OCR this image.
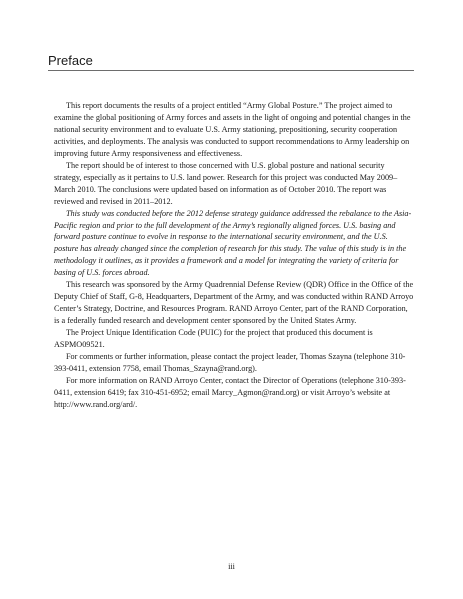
Preface

This report documents the results of a project entitled “Army Global Posture.” The project aimed to examine the global positioning of Army forces and assets in the light of ongoing and potential changes in the national security environment and to evaluate U.S. Army stationing, prepositioning, security cooperation activities, and deployments. The analysis was conducted to support recommendations to Army leadership on improving future Army responsiveness and effectiveness.

The report should be of interest to those concerned with U.S. global posture and national security strategy, especially as it pertains to U.S. land power. Research for this project was conducted May 2009–March 2010. The conclusions were updated based on information as of October 2010. The report was reviewed and revised in 2011–2012.

This study was conducted before the 2012 defense strategy guidance addressed the rebalance to the Asia-Pacific region and prior to the full development of the Army’s regionally aligned forces. U.S. basing and forward posture continue to evolve in response to the international security environment, and the U.S. posture has already changed since the completion of research for this study. The value of this study is in the methodology it outlines, as it provides a framework and a model for integrating the variety of criteria for basing of U.S. forces abroad.

This research was sponsored by the Army Quadrennial Defense Review (QDR) Office in the Office of the Deputy Chief of Staff, G-8, Headquarters, Department of the Army, and was conducted within RAND Arroyo Center’s Strategy, Doctrine, and Resources Program. RAND Arroyo Center, part of the RAND Corporation, is a federally funded research and development center sponsored by the United States Army.

The Project Unique Identification Code (PUIC) for the project that produced this document is ASPMO09521.

For comments or further information, please contact the project leader, Thomas Szayna (telephone 310-393-0411, extension 7758, email Thomas_Szayna@rand.org).

For more information on RAND Arroyo Center, contact the Director of Operations (telephone 310-393-0411, extension 6419; fax 310-451-6952; email Marcy_Agmon@rand.org) or visit Arroyo’s website at http://www.rand.org/ard/.

iii
